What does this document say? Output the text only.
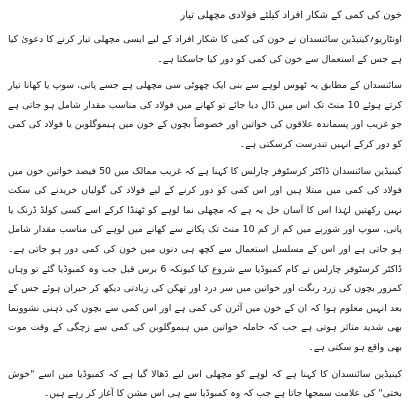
خون کی کمی کے شکار افراد کیلئے فولادی مچھلی تیار

اونٹاریو؍کینیڈین سائنسدان نے خون کی کمی کا شکار افراد کے لیے ایسی مچھلی تیار کرنے کا دعویٰ کیا ہے جس کے استعمال سے خون کی کمی کو دور کیا جاسکتا ہے۔

سائنسدان کے مطابق یہ ٹھوس لوہے سے بنی ایک چھوٹی سی مچھلی ہے جسے پانی، سوپ یا کھانا تیار کرتے ہوئے 10 منٹ تک اس میں ڈال دیا جائے تو کھانے میں فولاد کی مناسب مقدار شامل ہو جاتی ہے جو غریب اور پسماندہ علاقوں کی خواتین اور خصوصاً بچوں کے خون میں ہیموگلوبن یا فولاد کی کمی کو دور کرکے انہیں تندرست کرسکتی ہے۔

کینیڈین سائنسدان ڈاکٹر کرسٹوفر چارلس کا کہنا ہے کہ غریب ممالک میں 50 فیصد خواتین خون میں فولاد کی کمی میں مبتلا ہیں اور اس کمی کو دور کرنے کے لیے فولاد کی گولیاں خریدنے کی سکت نہیں رکھتیں لہٰذا اس کا آسان حل یہ ہے کہ مچھلی نما لوہے کو ٹھنڈا کرکے اسے کسی کولڈ ڈرنک یا پانی، سوپ اور شوربے میں کم از کم 10 منٹ تک پکانے سے کھانے میں لوہے کی مناسب مقدار شامل ہو جاتی ہے اور اس کے مسلسل استعمال سے کچھ ہی دنوں میں خون کی کمی دور ہو جاتی ہے۔ ڈاکٹر کرسٹوفر چارلس نے کام کمبوڈیا سے شروع کیا کیونکہ 6 برس قبل جب وہ کمبوڈیا گئے تو وہاں کمزور بچوں کی زرد رنگت اور خواتین میں سر درد اور تھکن کی زیادتی دیکھ کر حیران ہوئے جس کے بعد انہیں معلوم ہوا کہ ان کے خون میں آئرن کی کمی ہے اور اس کمی سے بچوں کی ذہنی نشوونما بھی شدید متاثر ہوتی ہے جب کہ حاملہ خواتین میں ہیموگلوبن کی کمی سے زچگی کے وقت موت بھی واقع ہو سکتی ہے۔

کینیڈین سائنسدان کا کہنا ہے کہ لوہے کو مچھلی اس لیے ڈھالا گیا ہے کہ کمبوڈیا میں اسے "خوش بختی" کی علامت سمجھا جاتا ہے جب کہ وہ کمبوڈیا سے ہی اس مشن کا آغاز کر رہے ہیں۔
